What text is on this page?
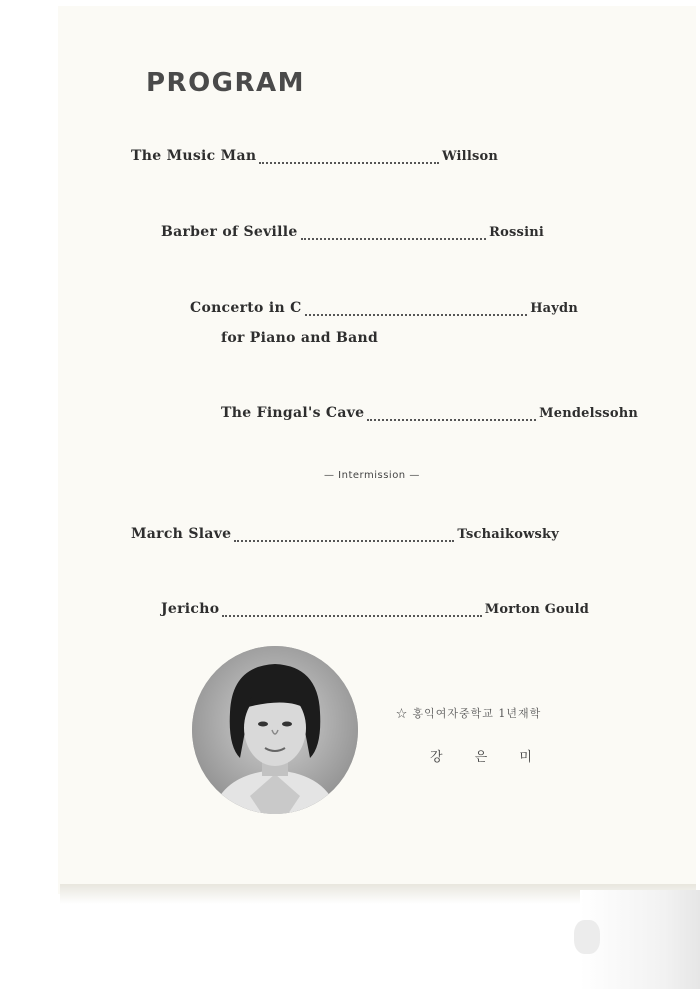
PROGRAM
The Music Man	Willson
Barber of Seville	Rossini
Concerto in C	Haydn
for Piano and Band
The Fingal's Cave	Mendelssohn
— Intermission —
March Slave	Tschaikowsky
Jericho	Morton Gould
☆ 홍익여자중학교 1년재학
강 은 미
